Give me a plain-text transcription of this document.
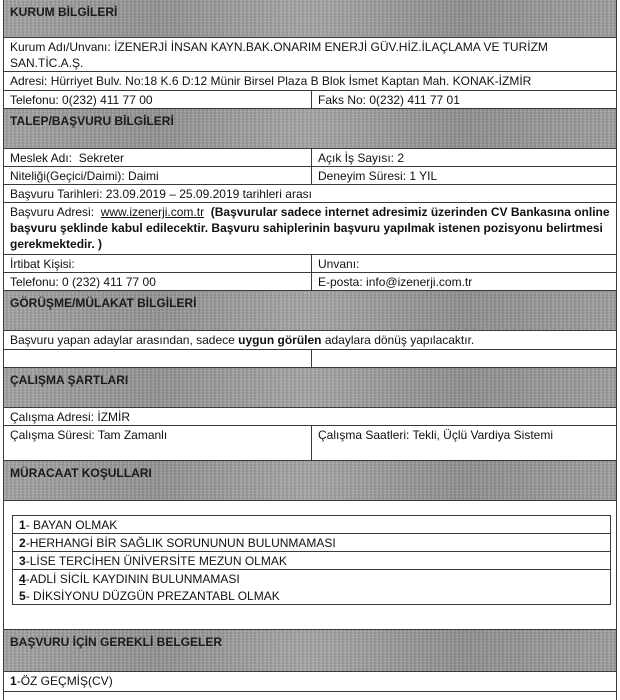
KURUM BİLGİLERİ
Kurum Adı/Unvanı: İZENERJİ İNSAN KAYN.BAK.ONARIM ENERJİ GÜV.HİZ.İLAÇLAMA VE TURİZM SAN.TİC.A.Ş.
Adresi: Hürriyet Bulv. No:18 K.6 D:12 Münir Birsel Plaza B Blok İsmet Kaptan Mah. KONAK-İZMİR
Telefonu: 0(232) 411 77 00	Faks No: 0(232) 411 77 01
TALEP/BAŞVURU BİLGİLERİ
Meslek Adı: Sekreter	Açık İş Sayısı: 2
Niteliği(Geçici/Daimi): Daimi	Deneyim Süresi: 1 YIL
Başvuru Tarihleri: 23.09.2019 – 25.09.2019 tarihleri arası
Başvuru Adresi: www.izenerji.com.tr (Başvurular sadece internet adresimiz üzerinden CV Bankasına online başvuru şeklinde kabul edilecektir. Başvuru sahiplerinin başvuru yapılmak istenen pozisyonu belirtmesi gerekmektedir. )
İrtibat Kişisi:	Unvanı:
Telefonu: 0 (232) 411 77 00	E-posta: info@izenerji.com.tr
GÖRÜŞME/MÜLAKAT BİLGİLERİ
Başvuru yapan adaylar arasından, sadece uygun görülen adaylara dönüş yapılacaktır.
ÇALIŞMA ŞARTLARI
Çalışma Adresi: İZMİR
Çalışma Süresi: Tam Zamanlı	Çalışma Saatleri: Tekli, Üçlü Vardiya Sistemi
MÜRACAAT KOŞULLARI
1- BAYAN OLMAK
2-HERHANGİ BİR SAĞLIK SORUNUNUN BULUNMAMASI
3-LİSE TERCİHEN ÜNİVERSİTE MEZUN OLMAK
4-ADLİ SİCİL KAYDININ BULUNMAMASI
5- DİKSİYONU DÜZGÜN PREZANTABL OLMAK
BAŞVURU İÇİN GEREKLİ BELGELER
1-ÖZ GEÇMİŞ(CV)
